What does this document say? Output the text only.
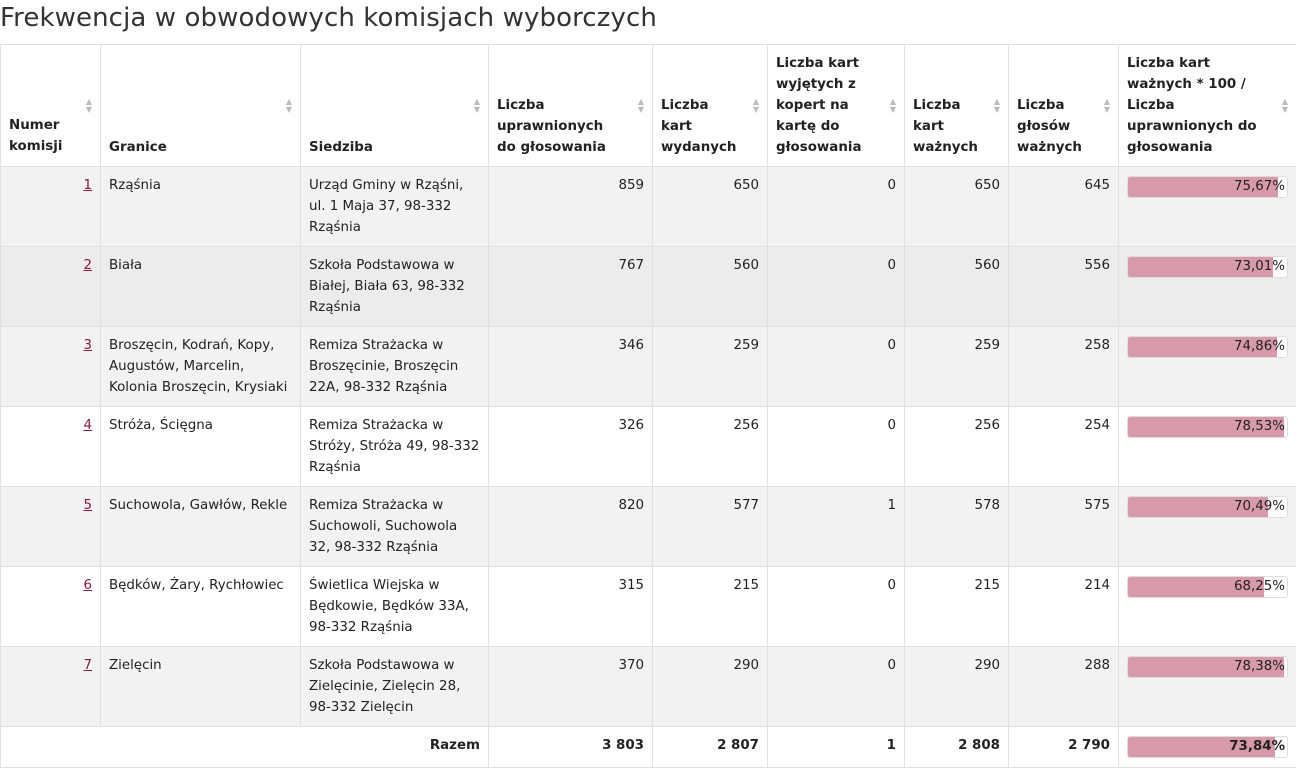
Frekwencja w obwodowych komisjach wyborczych
Numer komisji
▲
▼	Granice
▲
▼	Siedziba
▲
▼	Liczba uprawnionych do głosowania
▲
▼	Liczba kart wydanych
▲
▼	Liczba kart wyjętych z kopert na kartę do głosowania
▲
▼	Liczba kart ważnych
▲
▼	Liczba głosów ważnych
▲
▼	Liczba kart ważnych * 100 / Liczba uprawnionych do głosowania
▲
▼

1	Rząśnia	Urząd Gminy w Rząśni, ul. 1 Maja 37, 98-332 Rząśnia	859	650	0	650	645	75,67%

2	Biała	Szkoła Podstawowa w Białej, Biała 63, 98-332 Rząśnia	767	560	0	560	556	73,01%

3	Broszęcin, Kodrań, Kopy, Augustów, Marcelin, Kolonia Broszęcin, Krysiaki	Remiza Strażacka w Broszęcinie, Broszęcin 22A, 98-332 Rząśnia	346	259	0	259	258	74,86%

4	Stróża, Ścięgna	Remiza Strażacka w Stróży, Stróża 49, 98-332 Rząśnia	326	256	0	256	254	78,53%

5	Suchowola, Gawłów, Rekle	Remiza Strażacka w Suchowoli, Suchowola 32, 98-332 Rząśnia	820	577	1	578	575	70,49%

6	Będków, Żary, Rychłowiec	Świetlica Wiejska w Będkowie, Będków 33A, 98-332 Rząśnia	315	215	0	215	214	68,25%

7	Zielęcin	Szkoła Podstawowa w Zielęcinie, Zielęcin 28, 98-332 Zielęcin	370	290	0	290	288	78,38%

Razem			3 803	2 807	1	2 808	2 790	73,84%
